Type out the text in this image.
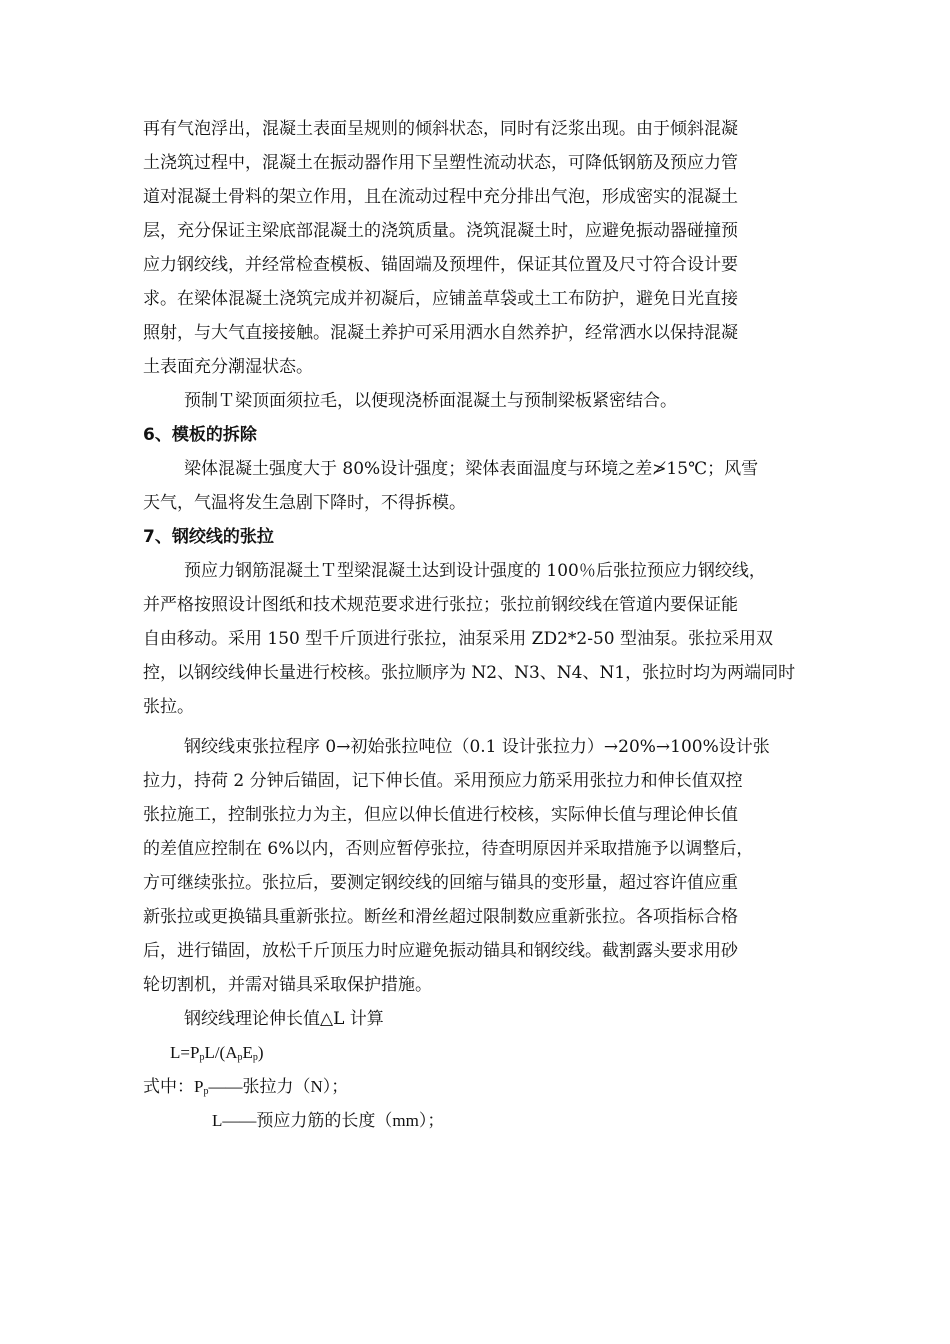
再有气泡浮出，混凝土表面呈规则的倾斜状态，同时有泛浆出现。由于倾斜混凝
土浇筑过程中，混凝土在振动器作用下呈塑性流动状态，可降低钢筋及预应力管
道对混凝土骨料的架立作用，且在流动过程中充分排出气泡，形成密实的混凝土
层，充分保证主梁底部混凝土的浇筑质量。浇筑混凝土时，应避免振动器碰撞预
应力钢绞线，并经常检查模板、锚固端及预埋件，保证其位置及尺寸符合设计要
求。在梁体混凝土浇筑完成并初凝后，应铺盖草袋或土工布防护，避免日光直接
照射，与大气直接接触。混凝土养护可采用洒水自然养护，经常洒水以保持混凝
土表面充分潮湿状态。
预制Ｔ梁顶面须拉毛，以便现浇桥面混凝土与预制梁板紧密结合。
6、模板的拆除
梁体混凝土强度大于 80%设计强度；梁体表面温度与环境之差≯15℃；风雪
天气，气温将发生急剧下降时，不得拆模。
7、钢绞线的张拉
预应力钢筋混凝土Ｔ型梁混凝土达到设计强度的 100％后张拉预应力钢绞线，
并严格按照设计图纸和技术规范要求进行张拉；张拉前钢绞线在管道内要保证能
自由移动。采用 150 型千斤顶进行张拉，油泵采用 ZD2*2-50 型油泵。张拉采用双
控，以钢绞线伸长量进行校核。张拉顺序为 N2、N3、N4、N1，张拉时均为两端同时
张拉。
钢绞线束张拉程序 0→初始张拉吨位（0.1 设计张拉力）→20%→100%设计张
拉力，持荷 2 分钟后锚固，记下伸长值。采用预应力筋采用张拉力和伸长值双控
张拉施工，控制张拉力为主，但应以伸长值进行校核，实际伸长值与理论伸长值
的差值应控制在 6%以内，否则应暂停张拉，待查明原因并采取措施予以调整后，
方可继续张拉。张拉后，要测定钢绞线的回缩与锚具的变形量，超过容许值应重
新张拉或更换锚具重新张拉。断丝和滑丝超过限制数应重新张拉。各项指标合格
后，进行锚固，放松千斤顶压力时应避免振动锚具和钢绞线。截割露头要求用砂
轮切割机，并需对锚具采取保护措施。
钢绞线理论伸长值△L 计算
$L=P_pL/(A_pE_p)$
式中：$P_p——$张拉力（N）；
L——预应力筋的长度（mm）；
